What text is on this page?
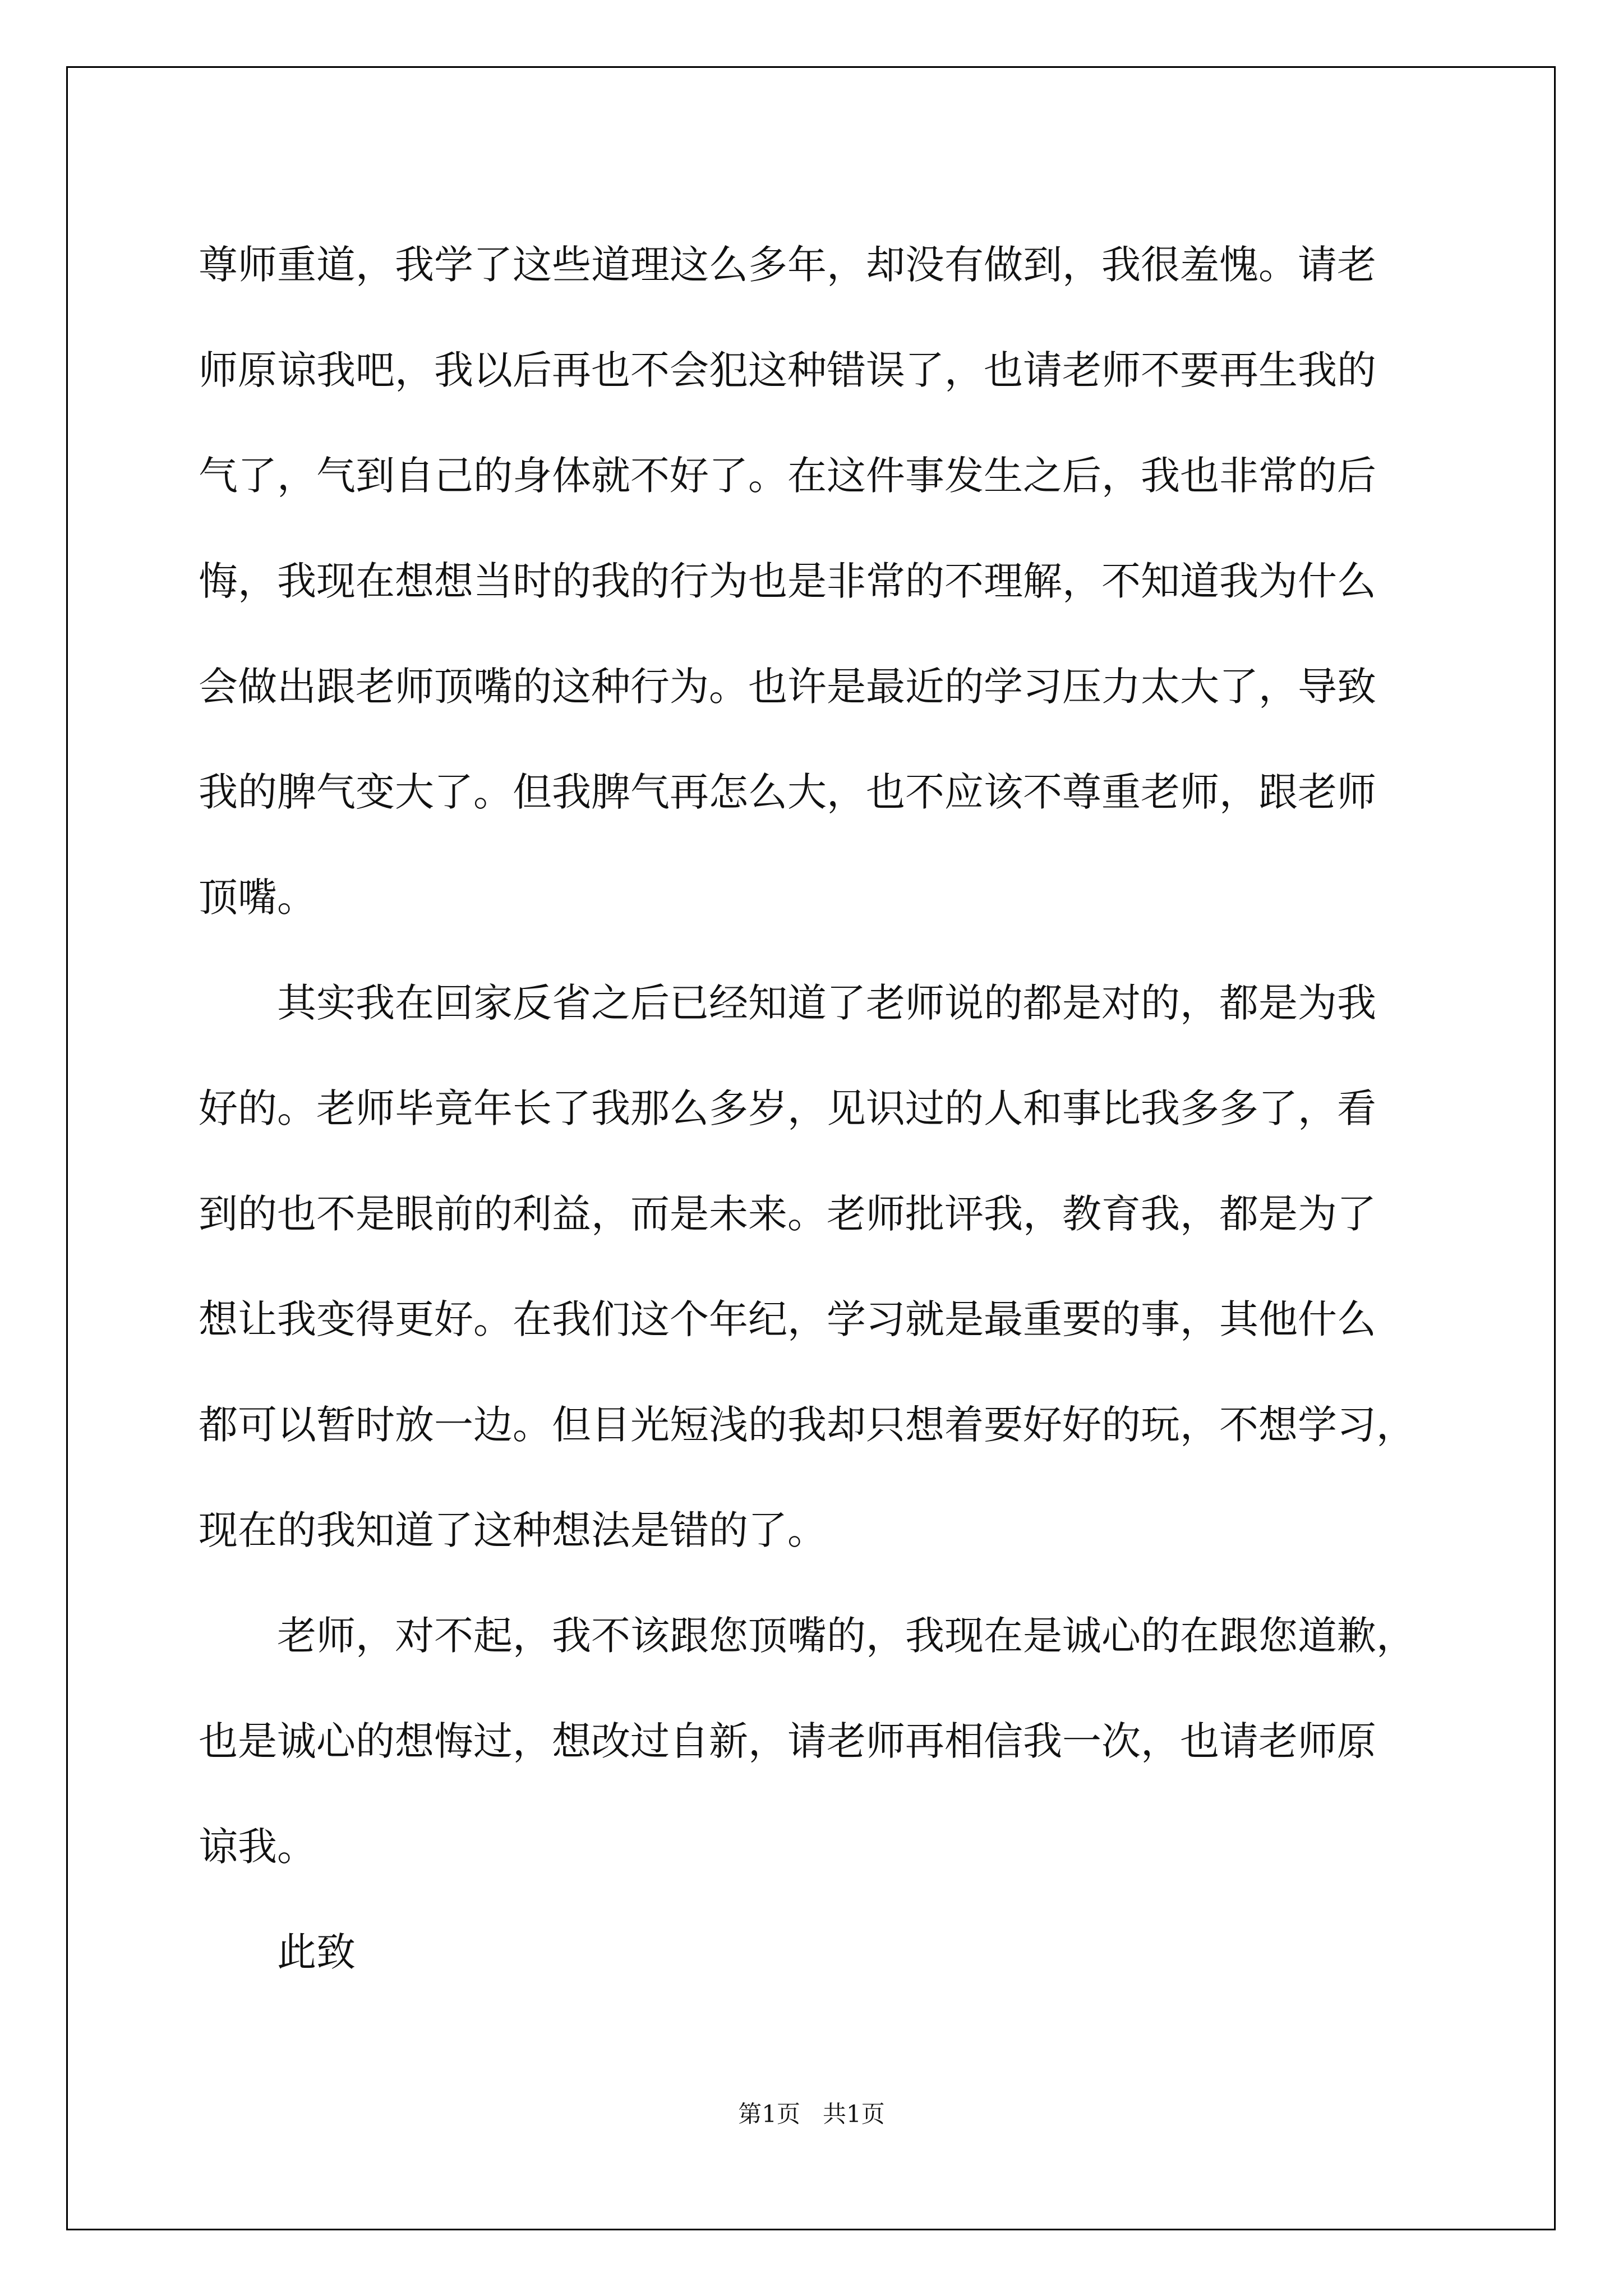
尊师重道，我学了这些道理这么多年，却没有做到，我很羞愧。请老
师原谅我吧，我以后再也不会犯这种错误了，也请老师不要再生我的
气了，气到自己的身体就不好了。在这件事发生之后，我也非常的后
悔，我现在想想当时的我的行为也是非常的不理解，不知道我为什么
会做出跟老师顶嘴的这种行为。也许是最近的学习压力太大了，导致
我的脾气变大了。但我脾气再怎么大，也不应该不尊重老师，跟老师
顶嘴。
其实我在回家反省之后已经知道了老师说的都是对的，都是为我
好的。老师毕竟年长了我那么多岁，见识过的人和事比我多多了，看
到的也不是眼前的利益，而是未来。老师批评我，教育我，都是为了
想让我变得更好。在我们这个年纪，学习就是最重要的事，其他什么
都可以暂时放一边。但目光短浅的我却只想着要好好的玩，不想学习，
现在的我知道了这种想法是错的了。
老师，对不起，我不该跟您顶嘴的，我现在是诚心的在跟您道歉，
也是诚心的想悔过，想改过自新，请老师再相信我一次，也请老师原
谅我。
此致
第1页   共1页
